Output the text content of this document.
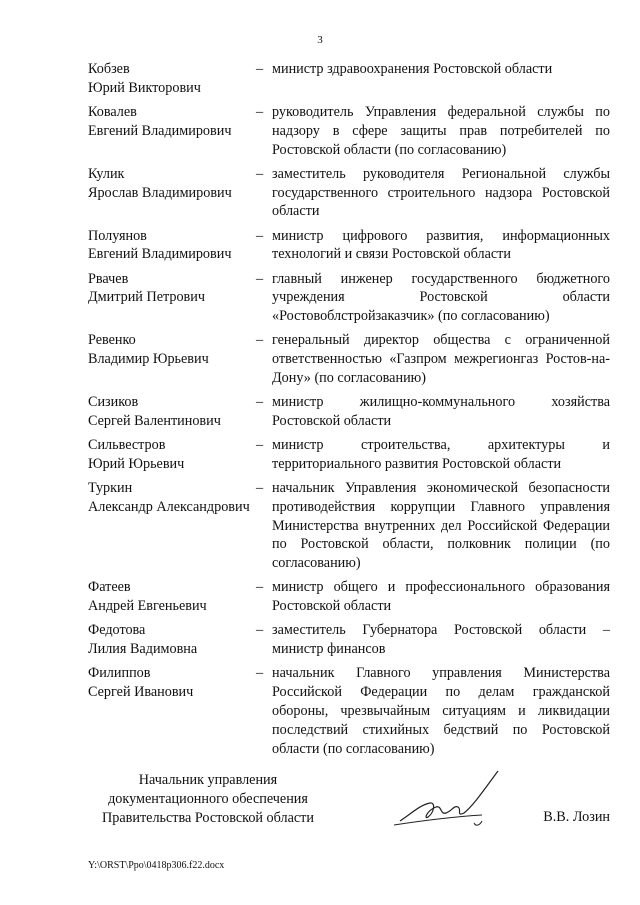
3
Кобзев
Юрий Викторович
– министр здравоохранения Ростовской области
Ковалев
Евгений Владимирович
– руководитель Управления федеральной службы по надзору в сфере защиты прав потребителей по Ростовской области (по согласованию)
Кулик
Ярослав Владимирович
– заместитель руководителя Региональной службы государственного строительного надзора Ростовской области
Полуянов
Евгений Владимирович
– министр цифрового развития, информационных технологий и связи Ростовской области
Рвачев
Дмитрий Петрович
– главный инженер государственного бюджетного учреждения Ростовской области «Ростовоблстройзаказчик» (по согласованию)
Ревенко
Владимир Юрьевич
– генеральный директор общества с ограниченной ответственностью «Газпром межрегионгаз Ростов-на-Дону» (по согласованию)
Сизиков
Сергей Валентинович
– министр жилищно-коммунального хозяйства Ростовской области
Сильвестров
Юрий Юрьевич
– министр строительства, архитектуры и территориального развития Ростовской области
Туркин
Александр Александрович
– начальник Управления экономической безопасности противодействия коррупции Главного управления Министерства внутренних дел Российской Федерации по Ростовской области, полковник полиции (по согласованию)
Фатеев
Андрей Евгеньевич
– министр общего и профессионального образования Ростовской области
Федотова
Лилия Вадимовна
– заместитель Губернатора Ростовской области – министр финансов
Филиппов
Сергей Иванович
– начальник Главного управления Министерства Российской Федерации по делам гражданской обороны, чрезвычайным ситуациям и ликвидации последствий стихийных бедствий по Ростовской области (по согласованию)
Начальник управления
документационного обеспечения
Правительства Ростовской области	В.В. Лозин
Y:\ORST\Ppo\0418p306.f22.docx
